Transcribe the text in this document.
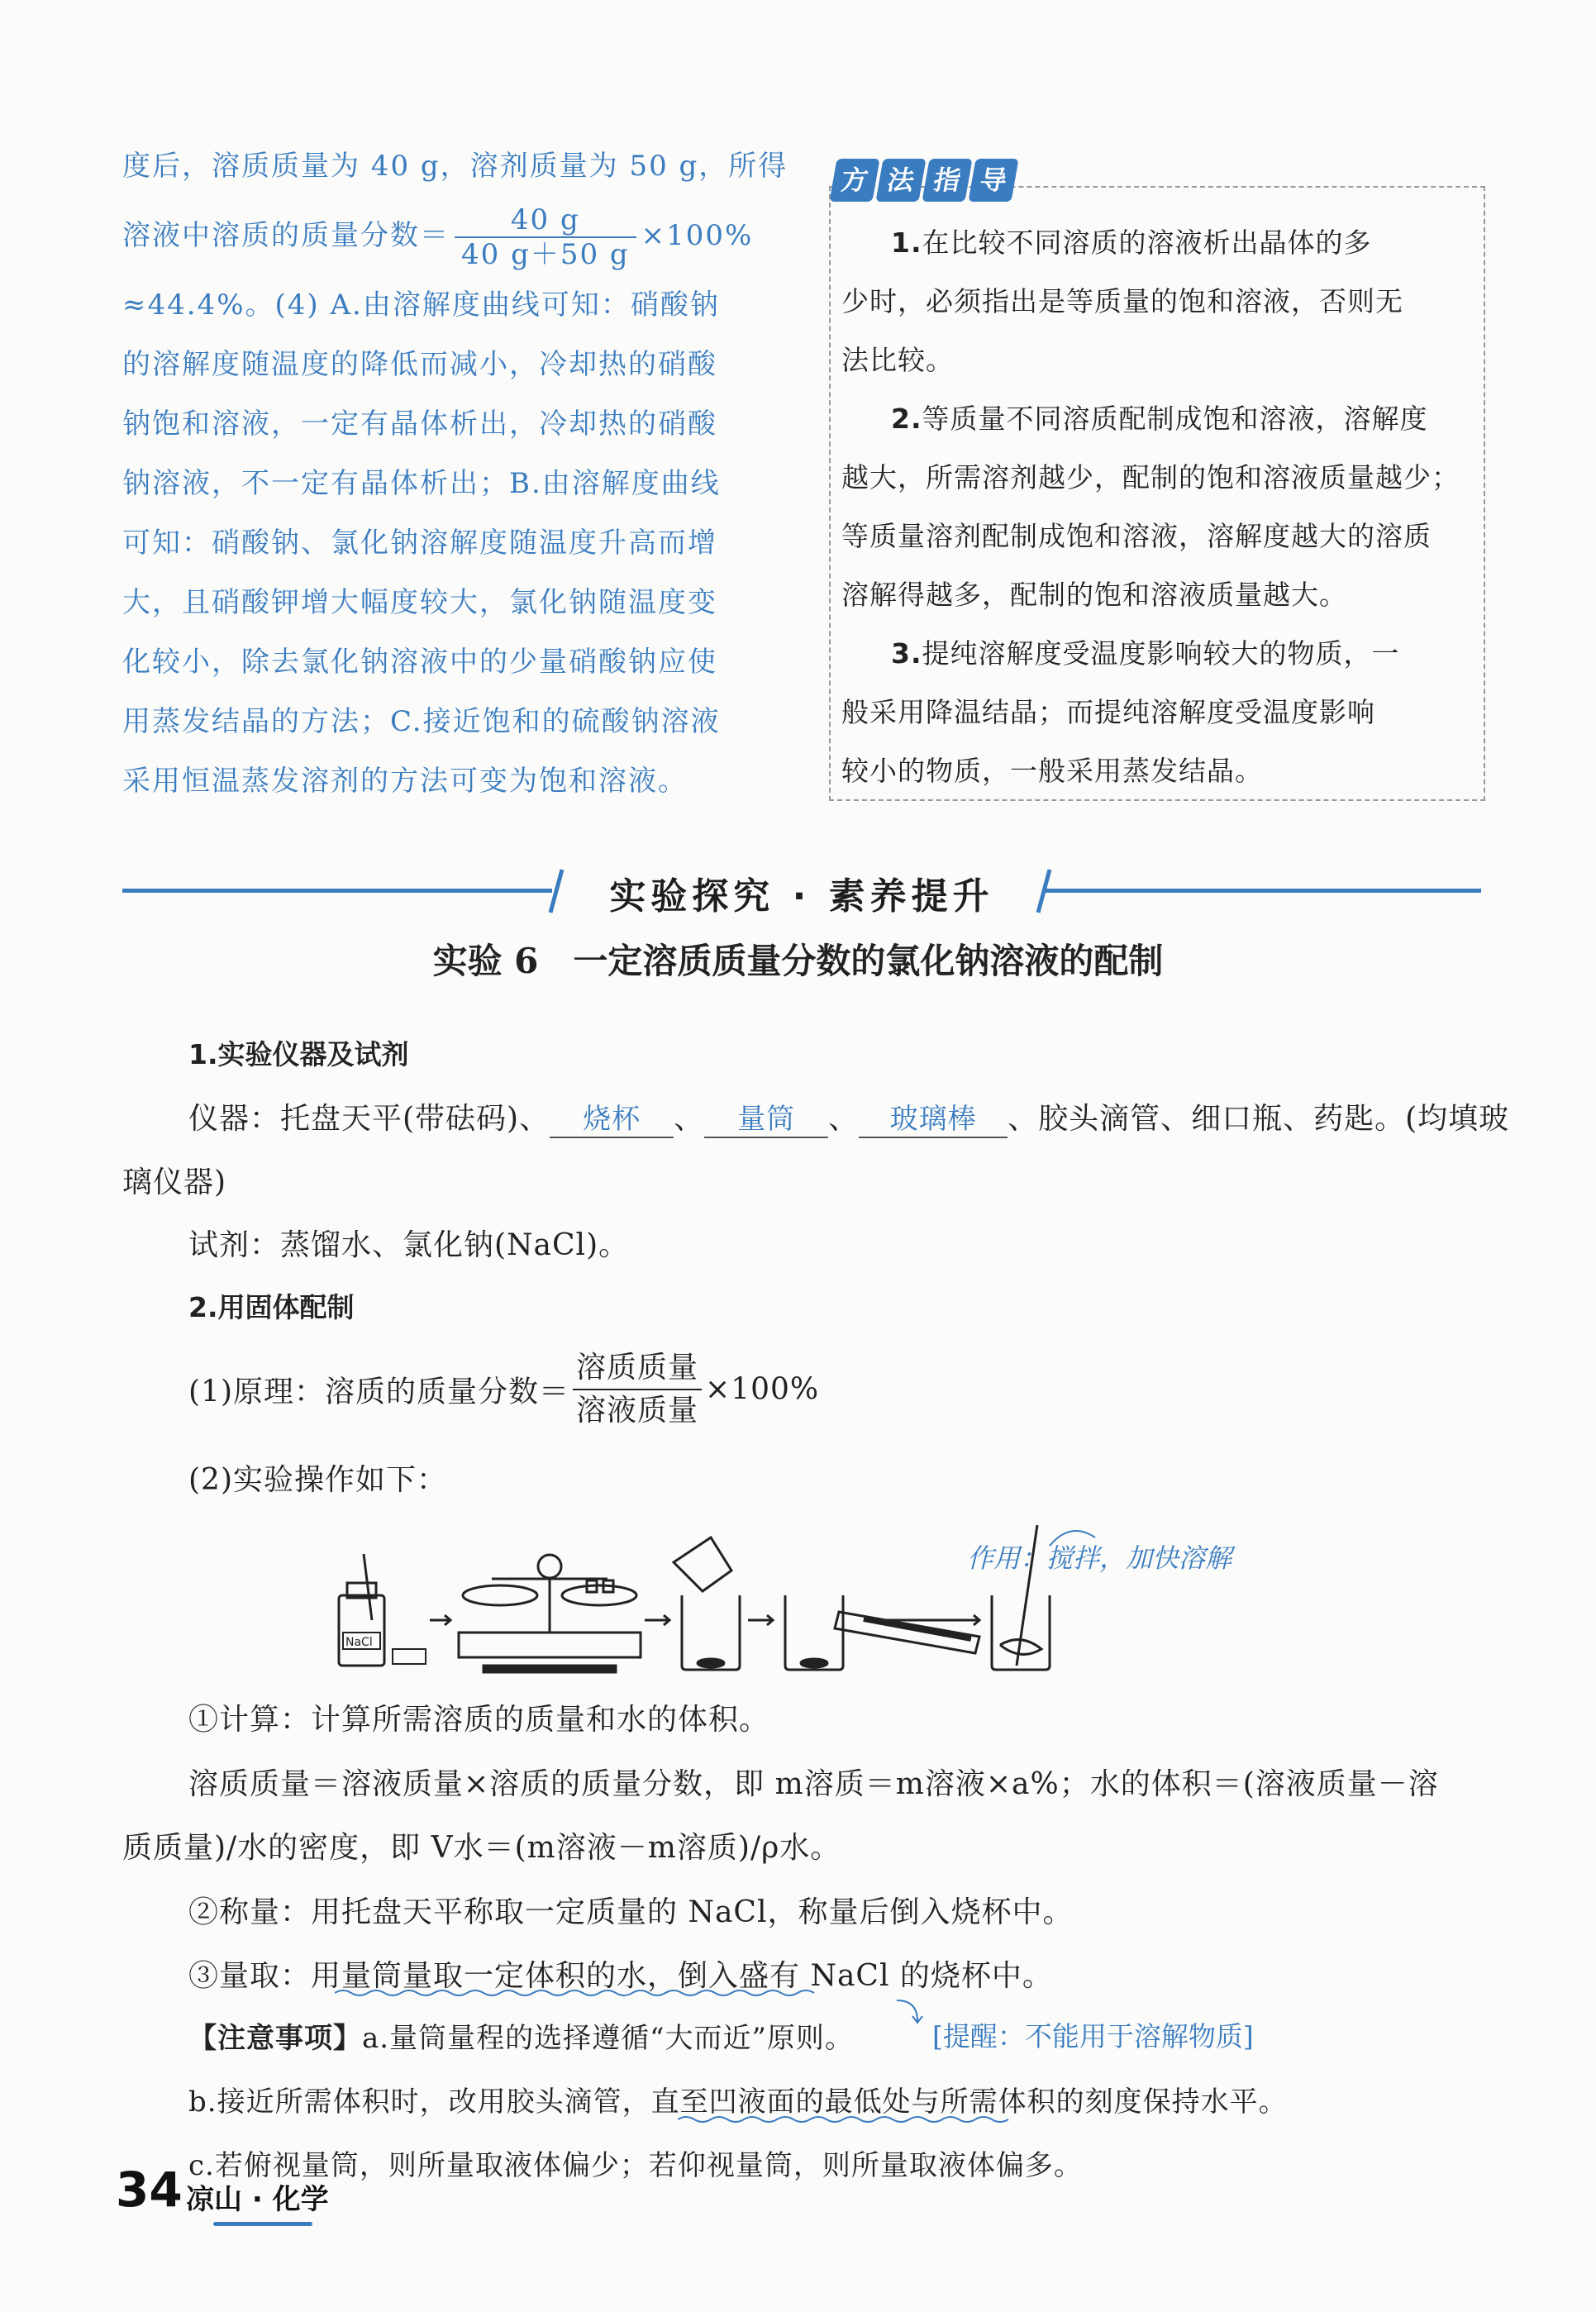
度后，溶质质量为 40 g，溶剂质量为 50 g，所得

溶液中溶质的质量分数＝ $\frac{40 g}{40 g+50 g} \times 100\%$

≈44.4%。(4) A.由溶解度曲线可知：硝酸钠

的溶解度随温度的降低而减小，冷却热的硝酸

钠饱和溶液，一定有晶体析出，冷却热的硝酸

钠溶液，不一定有晶体析出；B.由溶解度曲线

可知：硝酸钠、氯化钠溶解度随温度升高而增

大，且硝酸钾增大幅度较大，氯化钠随温度变

化较小，除去氯化钠溶液中的少量硝酸钠应使

用蒸发结晶的方法；C.接近饱和的硫酸钠溶液

采用恒温蒸发溶剂的方法可变为饱和溶液。

方 法 指 导

1.在比较不同溶质的溶液析出晶体的多

少时，必须指出是等质量的饱和溶液，否则无

法比较。

2.等质量不同溶质配制成饱和溶液，溶解度

越大，所需溶剂越少，配制的饱和溶液质量越少；

等质量溶剂配制成饱和溶液，溶解度越大的溶质

溶解得越多，配制的饱和溶液质量越大。

3.提纯溶解度受温度影响较大的物质，一

般采用降温结晶；而提纯溶解度受温度影响

较小的物质，一般采用蒸发结晶。

实验探究 · 素养提升
实验 6　一定溶质质量分数的氯化钠溶液的配制
1.实验仪器及试剂
仪器：托盘天平(带砝码)、 烧杯 、 量筒 、 玻璃棒 、胶头滴管、细口瓶、药匙。(均填玻
璃仪器)
试剂：蒸馏水、氯化钠(NaCl)。
2.用固体配制
(1)原理：溶质的质量分数＝ $\frac{\text{溶质质量}}{\text{溶液质量}} \times 100\%$
(2)实验操作如下：
NaCl
作用：搅拌，加快溶解
①计算：计算所需溶质的质量和水的体积。
溶质质量＝溶液质量×溶质的质量分数，即 m溶质＝m溶液×a%；水的体积＝(溶液质量－溶
质质量)/水的密度，即 V水＝(m溶液－m溶质)/ρ水。
②称量：用托盘天平称取一定质量的 NaCl，称量后倒入烧杯中。
③量取：用量筒量取一定体积的水，倒入盛有 NaCl 的烧杯中。
【注意事项】a.量筒量程的选择遵循“大而近”原则。	[提醒：不能用于溶解物质]
b.接近所需体积时，改用胶头滴管，直至凹液面的最低处与所需体积的刻度保持水平。
c.若俯视量筒，则所量取液体偏少；若仰视量筒，则所量取液体偏多。
34 凉山 · 化学
